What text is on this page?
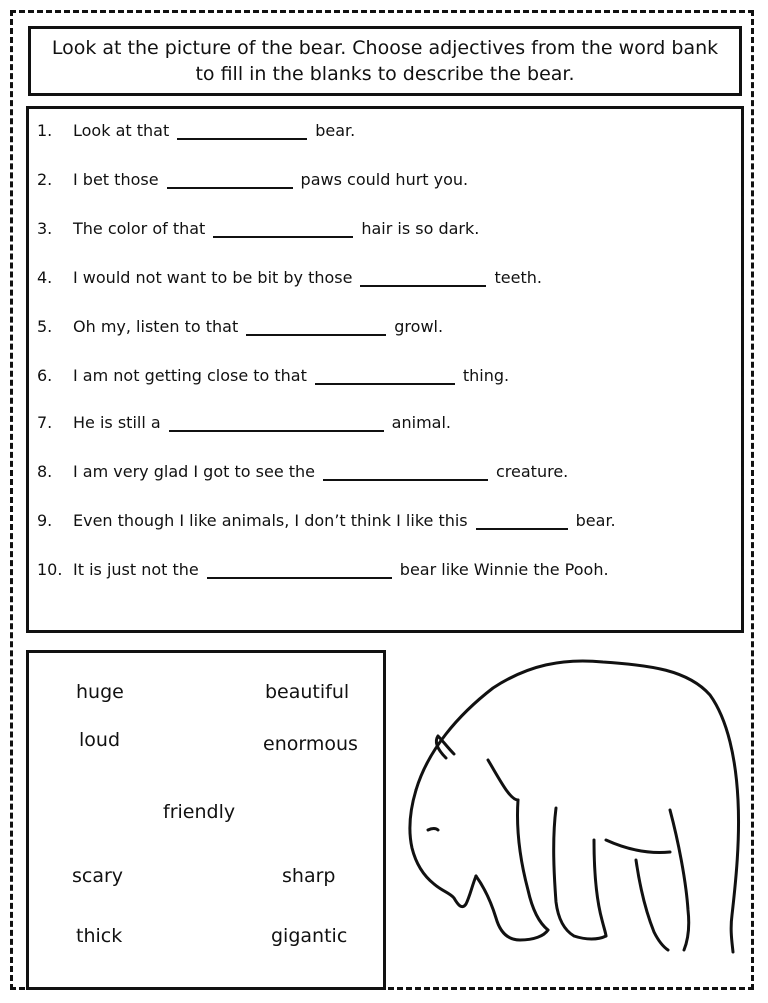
Look at the picture of the bear. Choose adjectives from the word bank to fill in the blanks to describe the bear.
1.	Look at that	bear.
2.	I bet those	paws could hurt you.
3.	The color of that	hair is so dark.
4.	I would not want to be bit by those	teeth.
5.	Oh my, listen to that	growl.
6.	I am not getting close to that	thing.
7.	He is still a	animal.
8.	I am very glad I got to see the	creature.
9.	Even though I like animals, I don’t think I like this	bear.
10. It is just not the	bear like Winnie the Pooh.
huge	beautiful
loud	enormous
friendly
scary	sharp
thick	gigantic
